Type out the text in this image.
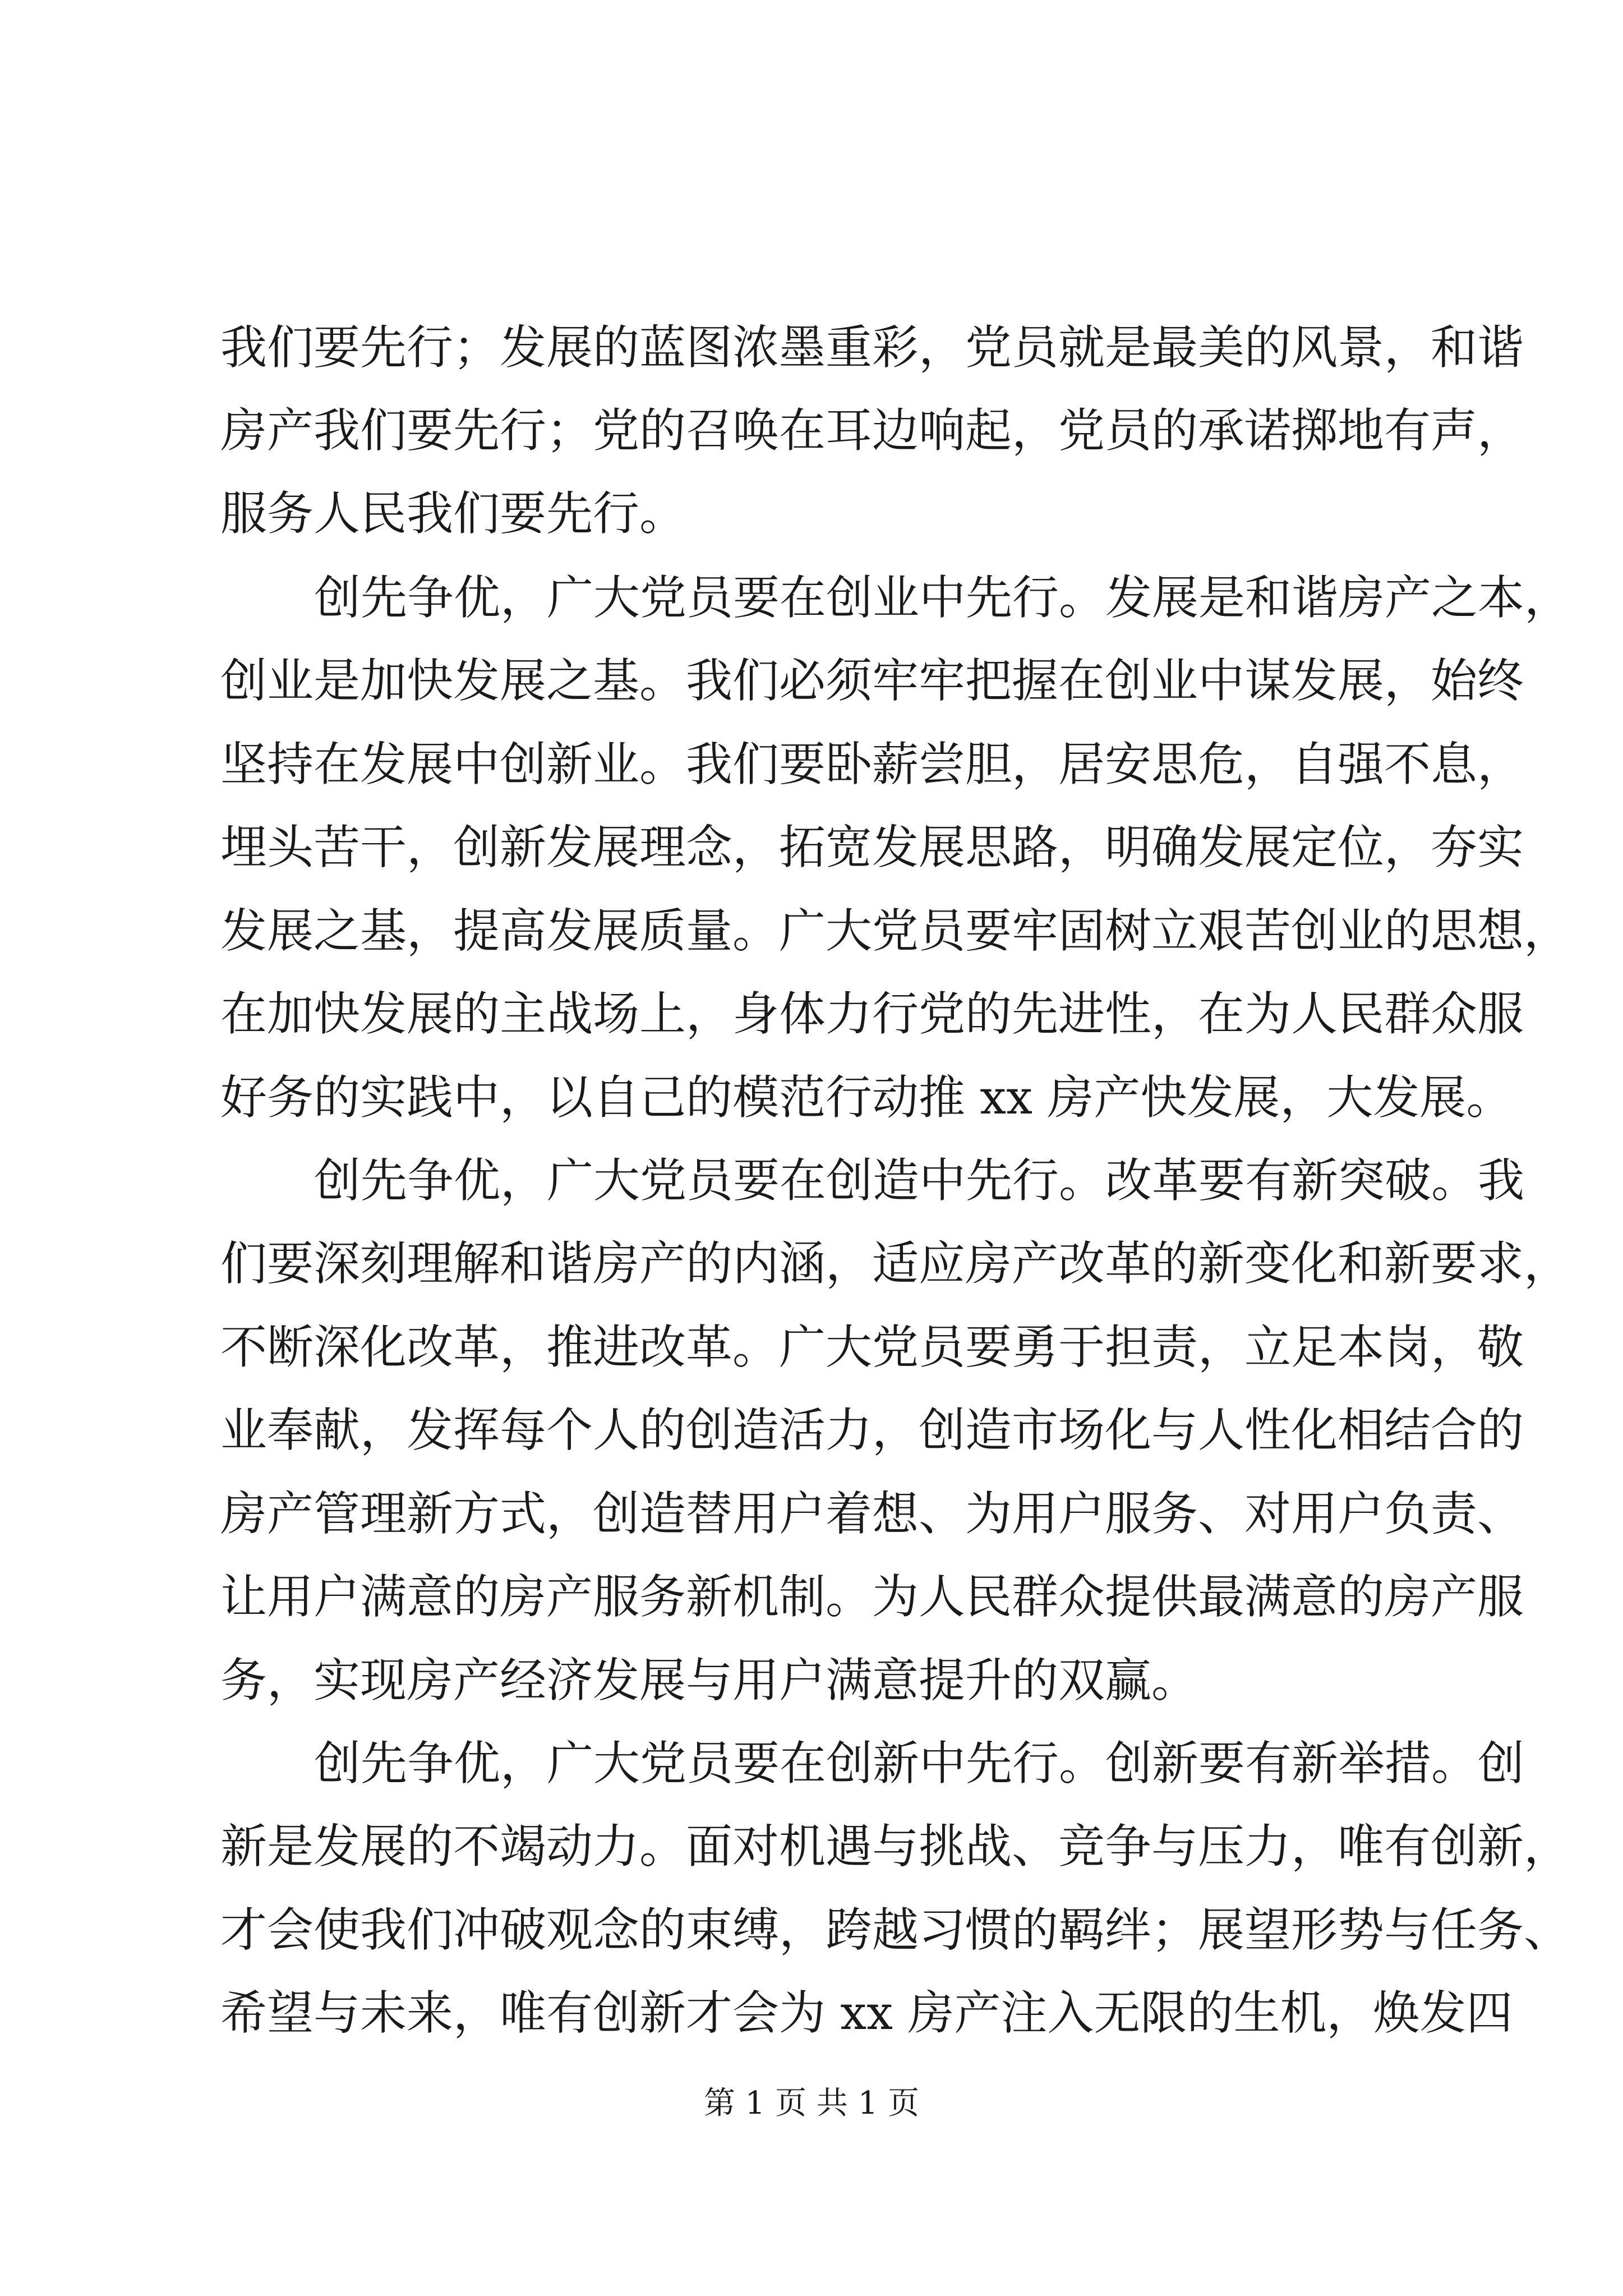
我们要先行；发展的蓝图浓墨重彩，党员就是最美的风景，和谐
房产我们要先行；党的召唤在耳边响起，党员的承诺掷地有声，
服务人民我们要先行。
创先争优，广大党员要在创业中先行。发展是和谐房产之本，
创业是加快发展之基。我们必须牢牢把握在创业中谋发展，始终
坚持在发展中创新业。我们要卧薪尝胆，居安思危，自强不息，
埋头苦干，创新发展理念，拓宽发展思路，明确发展定位，夯实
发展之基，提高发展质量。广大党员要牢固树立艰苦创业的思想，
在加快发展的主战场上，身体力行党的先进性，在为人民群众服
好务的实践中，以自己的模范行动推 xx 房产快发展，大发展。
创先争优，广大党员要在创造中先行。改革要有新突破。我
们要深刻理解和谐房产的内涵，适应房产改革的新变化和新要求，
不断深化改革，推进改革。广大党员要勇于担责，立足本岗，敬
业奉献，发挥每个人的创造活力，创造市场化与人性化相结合的
房产管理新方式，创造替用户着想、为用户服务、对用户负责、
让用户满意的房产服务新机制。为人民群众提供最满意的房产服
务，实现房产经济发展与用户满意提升的双赢。
创先争优，广大党员要在创新中先行。创新要有新举措。创
新是发展的不竭动力。面对机遇与挑战、竞争与压力，唯有创新，
才会使我们冲破观念的束缚，跨越习惯的羁绊；展望形势与任务、
希望与未来，唯有创新才会为 xx 房产注入无限的生机，焕发四
第 1 页 共 1 页
